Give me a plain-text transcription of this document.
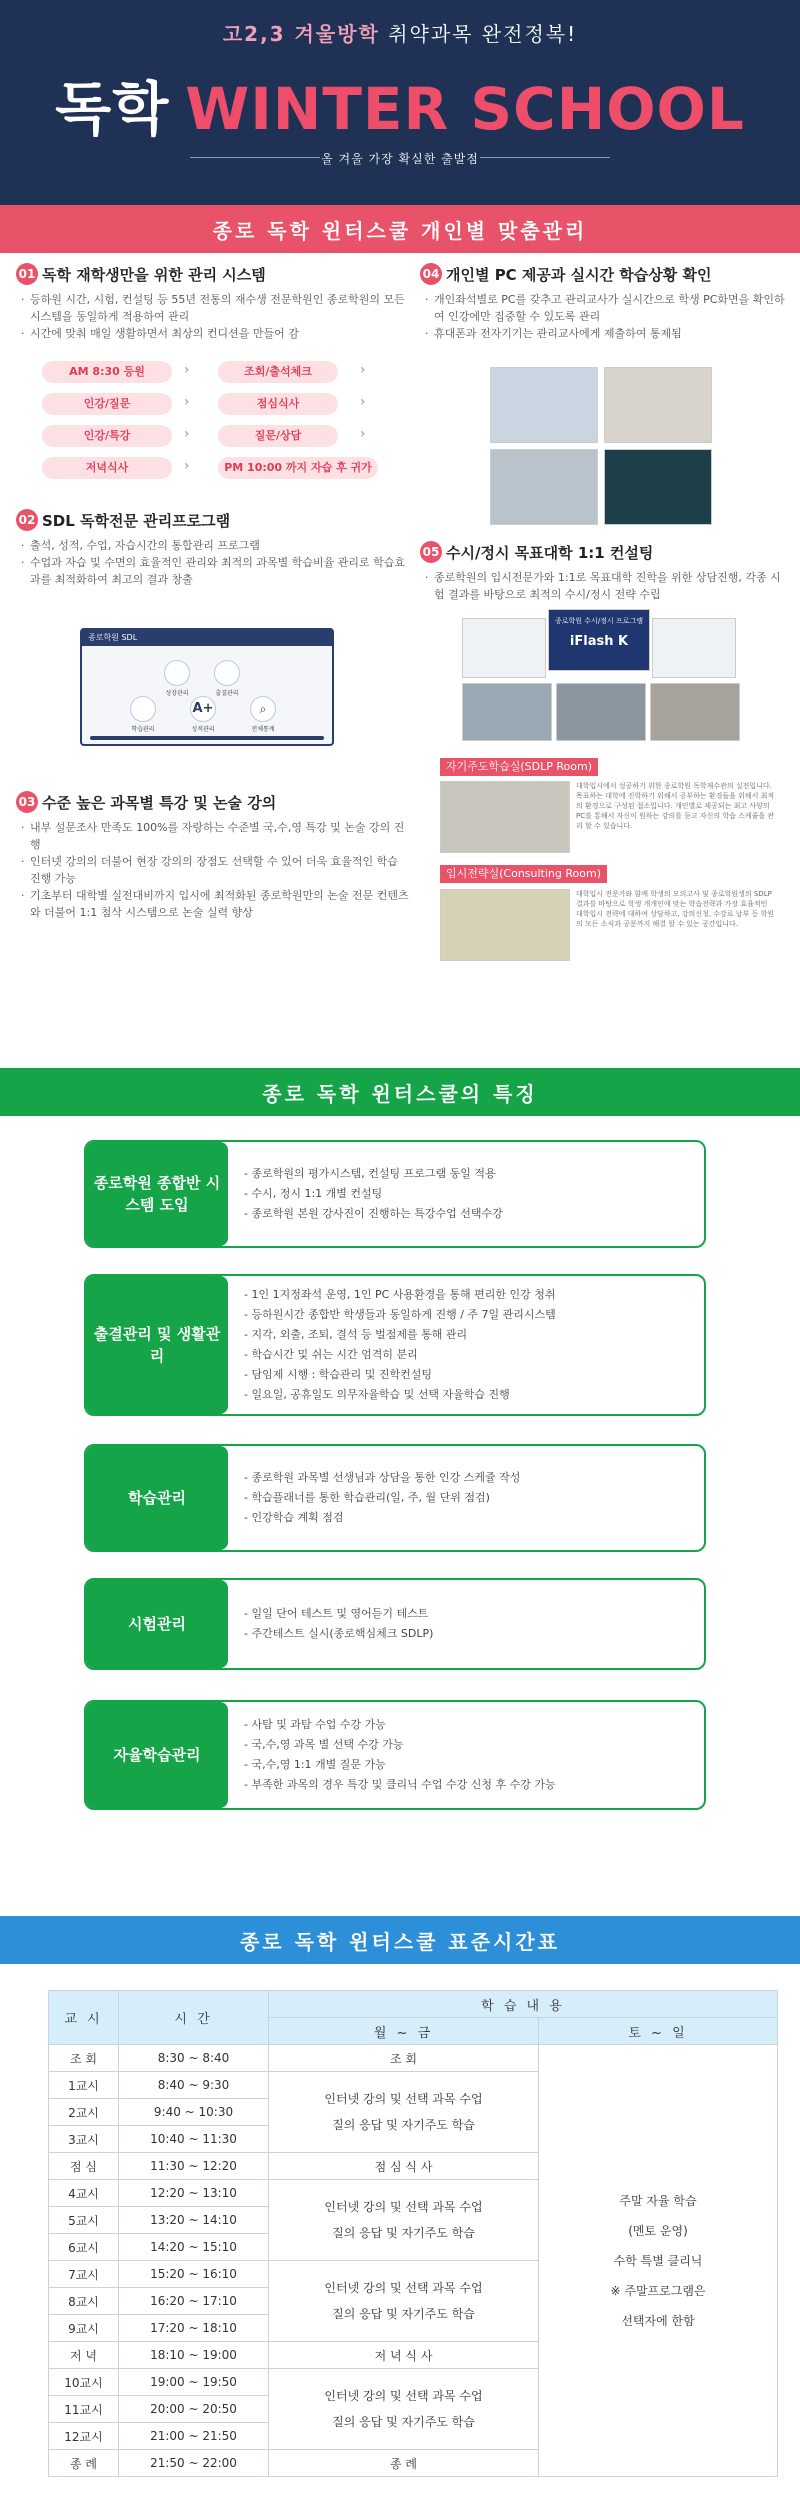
고2,3 겨울방학 취약과목 완전정복!
독학 WINTER SCHOOL
올 겨울 가장 확실한 출발점
종로 독학 윈터스쿨 개인별 맞춤관리
01 독학 재학생만을 위한 관리 시스템
· 등하원 시간, 시험, 컨설팅 등 55년 전통의 재수생 전문학원인 종로학원의 모든 시스템을 동일하게 적용하여 관리
· 시간에 맞춰 매일 생활하면서 최상의 컨디션을 만들어 감
AM 8:30 등원	›	조회/출석체크	›
인강/질문	›	점심식사	›
인강/특강	›	질문/상담	›
저녁식사	›	PM 10:00 까지 자습 후 귀가
02 SDL 독학전문 관리프로그램
· 출석, 성적, 수업, 자습시간의 통합관리 프로그램
· 수업과 자습 및 수면의 효율적인 관리와 최적의 과목별 학습비율 관리로 학습효과를 최적화하여 최고의 결과 창출
종로학원 SDL
성장관리	출결관리
학습관리
A+
성적관리
⌕
전체통계
03 수준 높은 과목별 특강 및 논술 강의
· 내부 설문조사 만족도 100%를 자랑하는 수준별 국,수,영 특강 및 논술 강의 진행
· 인터넷 강의의 더불어 현장 강의의 장점도 선택할 수 있어 더욱 효율적인 학습 진행 가능
· 기초부터 대학별 실전대비까지 입시에 최적화된 종로학원만의 논술 전문 컨텐츠와 더불어 1:1 첨삭 시스템으로 논술 실력 향상
04 개인별 PC 제공과 실시간 학습상황 확인
· 개인좌석별로 PC를 갖추고 관리교사가 실시간으로 학생 PC화면을 확인하여 인강에만 집중할 수 있도록 관리
· 휴대폰과 전자기기는 관리교사에게 제출하여 통제됨
05 수시/정시 목표대학 1:1 컨설팅
· 종로학원의 입시전문가와 1:1로 목표대학 진학을 위한 상담진행, 각종 시험 결과를 바탕으로 최적의 수시/정시 전략 수립
종로학원 수시/정시 프로그램
iFlash K
자기주도학습실(SDLP Room)
대학입시에서 성공하기 위한 종로학원 독학재수관의 실전입니다. 목표하는 대학에 진학하기 위해서 공부하는 환경들을 위해서 최적의 환경으로 구성된 접소입니다. 개인별로 제공되는 최고 사양의 PC를 통해서 자신이 원하는 강의를 듣고 자신의 학습 스케쥴을 관리 할 수 있습니다.
입시전략실(Consulting Room)
대학입시 전문가와 함께 학생의 모의고사 및 종로학원생의 SDLP결과를 바탕으로 학생 개개인에 맞는 학습전략과 가장 효율적인 대학입시 전략에 대하여 상담하고, 강의신청, 수강료 납부 등 학원의 모든 소식과 공문까지 해결 할 수 있는 공간입니다.
종로 독학 윈터스쿨의 특징
종로학원 종합반 시스템 도입
- 종로학원의 평가시스템, 컨설팅 프로그램 동일 적용
- 수시, 정시 1:1 개별 컨설팅
- 종로학원 본원 강사진이 진행하는 특강수업 선택수강
출결관리 및 생활관리
- 1인 1지정좌석 운영, 1인 PC 사용환경을 통해 편리한 인강 청취
- 등하원시간 종합반 학생들과 동일하게 진행 / 주 7일 관리시스템
- 지각, 외출, 조퇴, 결석 등 벌점제를 통해 관리
- 학습시간 및 쉬는 시간 엄격히 분리
- 담임제 시행 : 학습관리 및 진학컨설팅
- 일요일, 공휴일도 의무자율학습 및 선택 자율학습 진행
학습관리
- 종로학원 과목별 선생님과 상담을 통한 인강 스케쥴 작성
- 학습플래너를 통한 학습관리(일, 주, 월 단위 점검)
- 인강학습 계획 점검
시험관리
- 일일 단어 테스트 및 영어듣기 테스트
- 주간테스트 실시(종로핵심체크 SDLP)
자율학습관리
- 사탐 및 과탐 수업 수강 가능
- 국,수,영 과목 별 선택 수강 가능
- 국,수,영 1:1 개별 질문 가능
- 부족한 과목의 경우 특강 및 클리닉 수업 수강 신청 후 수강 가능
종로 독학 윈터스쿨 표준시간표
교 시	시 간	학 습 내 용	
		월 ~ 금	토 ~ 일
조 회	8:30 ~ 8:40	조 회	주말 자율 학습
(멘토 운영)
수학 특별 클리닉
※ 주말프로그램은
선택자에 한함

1교시	8:40 ~ 9:30	인터넷 강의 및 선택 과목 수업
질의 응답 및 자기주도 학습	

2교시	9:40 ~ 10:30		
3교시	10:40 ~ 11:30		
점 심	11:30 ~ 12:20	점 심 식 사	
4교시	12:20 ~ 13:10	인터넷 강의 및 선택 과목 수업
질의 응답 및 자기주도 학습	

5교시	13:20 ~ 14:10		
6교시	14:20 ~ 15:10		
7교시	15:20 ~ 16:10	인터넷 강의 및 선택 과목 수업
질의 응답 및 자기주도 학습	

8교시	16:20 ~ 17:10		
9교시	17:20 ~ 18:10		
저 녁	18:10 ~ 19:00	저 녁 식 사	
10교시	19:00 ~ 19:50	인터넷 강의 및 선택 과목 수업
질의 응답 및 자기주도 학습	

11교시	20:00 ~ 20:50		
12교시	21:00 ~ 21:50		
종 례	21:50 ~ 22:00	종 례	
